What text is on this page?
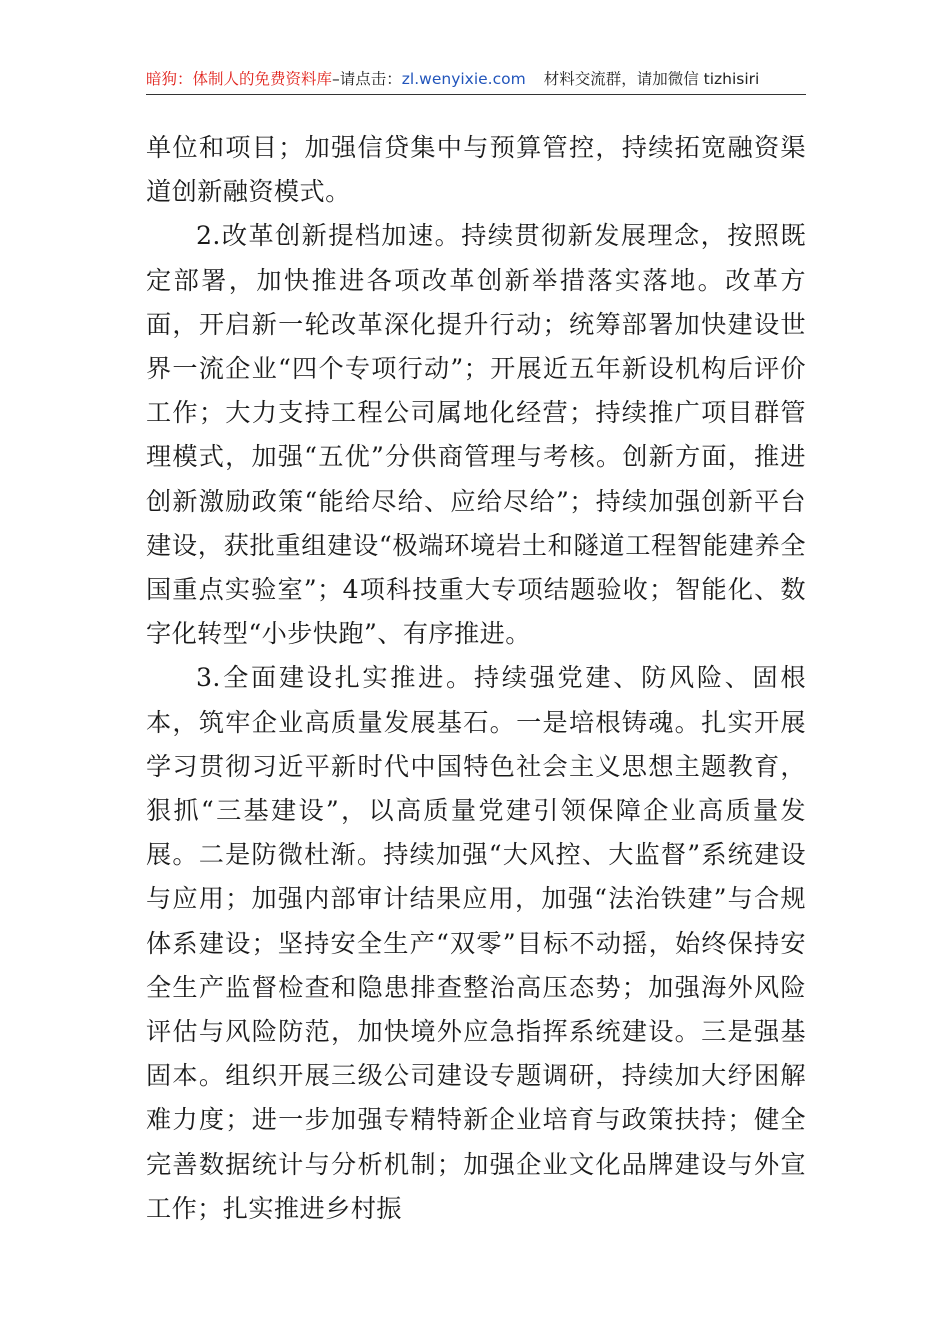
暗狗：体制人的免费资料库–请点击：zl.wenyixie.com 材料交流群，请加微信 tizhisiri

单位和项目；加强信贷集中与预算管控，持续拓宽融资渠道创新融资模式。

2.改革创新提档加速。持续贯彻新发展理念，按照既定部署，加快推进各项改革创新举措落实落地。改革方面，开启新一轮改革深化提升行动；统筹部署加快建设世界一流企业“四个专项行动”；开展近五年新设机构后评价工作；大力支持工程公司属地化经营；持续推广项目群管理模式，加强“五优”分供商管理与考核。创新方面，推进创新激励政策“能给尽给、应给尽给”；持续加强创新平台建设，获批重组建设“极端环境岩土和隧道工程智能建养全国重点实验室”；4项科技重大专项结题验收；智能化、数字化转型“小步快跑”、有序推进。

3.全面建设扎实推进。持续强党建、防风险、固根本，筑牢企业高质量发展基石。一是培根铸魂。扎实开展学习贯彻习近平新时代中国特色社会主义思想主题教育，狠抓“三基建设”，以高质量党建引领保障企业高质量发展。二是防微杜渐。持续加强“大风控、大监督”系统建设与应用；加强内部审计结果应用，加强“法治铁建”与合规体系建设；坚持安全生产“双零”目标不动摇，始终保持安全生产监督检查和隐患排查整治高压态势；加强海外风险评估与风险防范，加快境外应急指挥系统建设。三是强基固本。组织开展三级公司建设专题调研，持续加大纾困解难力度；进一步加强专精特新企业培育与政策扶持；健全完善数据统计与分析机制；加强企业文化品牌建设与外宣工作；扎实推进乡村振
